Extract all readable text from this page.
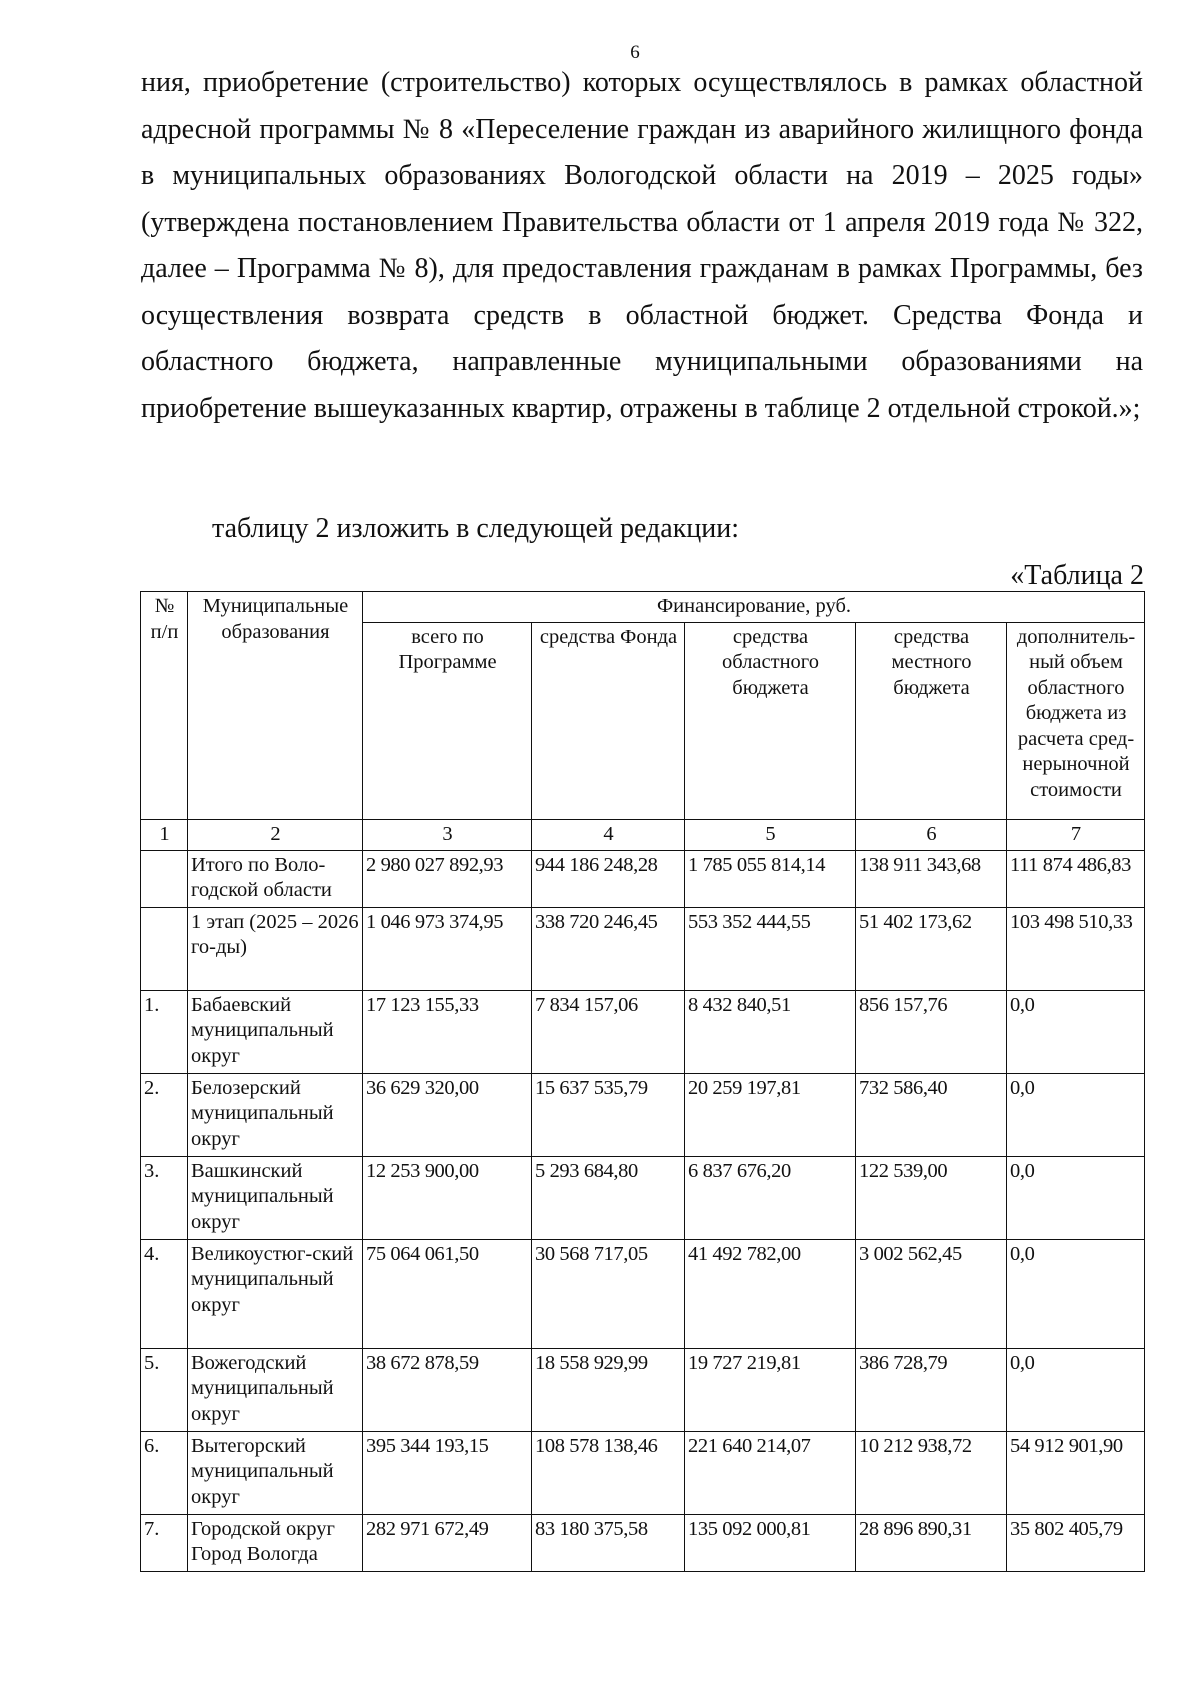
6
ния, приобретение (строительство) которых осуществлялось в рамках областной адресной программы № 8 «Переселение граждан из аварийного жилищного фонда в муниципальных образованиях Вологодской области на 2019 – 2025 годы» (утверждена постановлением Правительства области от 1 апреля 2019 года № 322, далее – Программа № 8), для предоставления гражданам в рамках Программы, без осуществления возврата средств в областной бюджет. Средства Фонда и областного бюджета, направленные муниципальными образованиями на приобретение вышеуказанных квартир, отражены в таблице 2 отдельной строкой.»;
таблицу 2 изложить в следующей редакции:
«Таблица 2
№ п/п	Муниципальные образования	Финансирование, руб.				
		всего по Программе	средства Фонда	средства областного бюджета	средства местного бюджета	дополнитель-ный объем областного бюджета из расчета сред-нерыночной стоимости
1	2	3	4	5	6	7
	Итого по Воло-годской области	2 980 027 892,93	944 186 248,28	1 785 055 814,14	138 911 343,68	111 874 486,83
	1 этап (2025 – 2026 го-ды)	1 046 973 374,95	338 720 246,45	553 352 444,55	51 402 173,62	103 498 510,33
1.	Бабаевский муниципальный округ	17 123 155,33	7 834 157,06	8 432 840,51	856 157,76	0,0
2.	Белозерский муниципальный округ	36 629 320,00	15 637 535,79	20 259 197,81	732 586,40	0,0
3.	Вашкинский муниципальный округ	12 253 900,00	5 293 684,80	6 837 676,20	122 539,00	0,0
4.	Великоустюг-ский муниципальный округ	75 064 061,50	30 568 717,05	41 492 782,00	3 002 562,45	0,0
5.	Вожегодский муниципальный округ	38 672 878,59	18 558 929,99	19 727 219,81	386 728,79	0,0
6.	Вытегорский муниципальный округ	395 344 193,15	108 578 138,46	221 640 214,07	10 212 938,72	54 912 901,90
7.	Городской округ Город Вологда	282 971 672,49	83 180 375,58	135 092 000,81	28 896 890,31	35 802 405,79
